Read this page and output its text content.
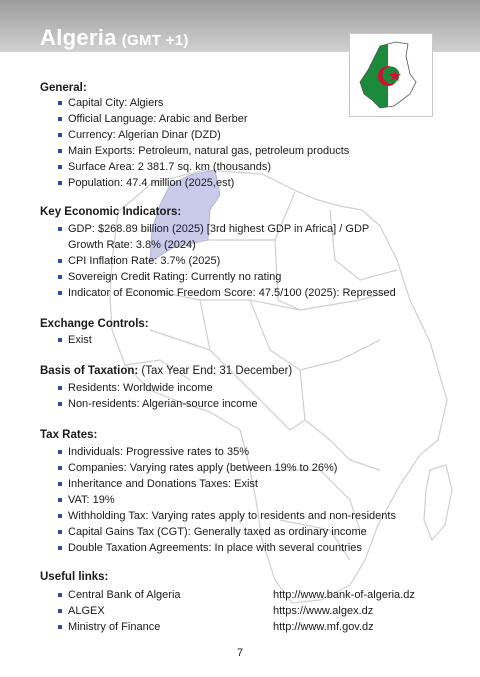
Algeria (GMT +1)
General:
Capital City: Algiers
Official Language: Arabic and Berber
Currency: Algerian Dinar (DZD)
Main Exports: Petroleum, natural gas, petroleum products
Surface Area: 2 381.7 sq. km (thousands)
Population: 47.4 million (2025,est)
Key Economic Indicators:
GDP: $268.89 billion (2025) [3rd highest GDP in Africa] / GDP Growth Rate: 3.8% (2024)
CPI Inflation Rate: 3.7% (2025)
Sovereign Credit Rating: Currently no rating
Indicator of Economic Freedom Score: 47.5/100 (2025): Repressed
Exchange Controls:
Exist
Basis of Taxation: (Tax Year End: 31 December)
Residents: Worldwide income
Non-residents: Algerian-source income
Tax Rates:
Individuals: Progressive rates to 35%
Companies: Varying rates apply (between 19% to 26%)
Inheritance and Donations Taxes: Exist
VAT: 19%
Withholding Tax: Varying rates apply to residents and non-residents
Capital Gains Tax (CGT): Generally taxed as ordinary income
Double Taxation Agreements: In place with several countries
Useful links:
Central Bank of Algeria	http://www.bank-of-algeria.dz
ALGEX	https://www.algex.dz
Ministry of Finance	http://www.mf.gov.dz
7
